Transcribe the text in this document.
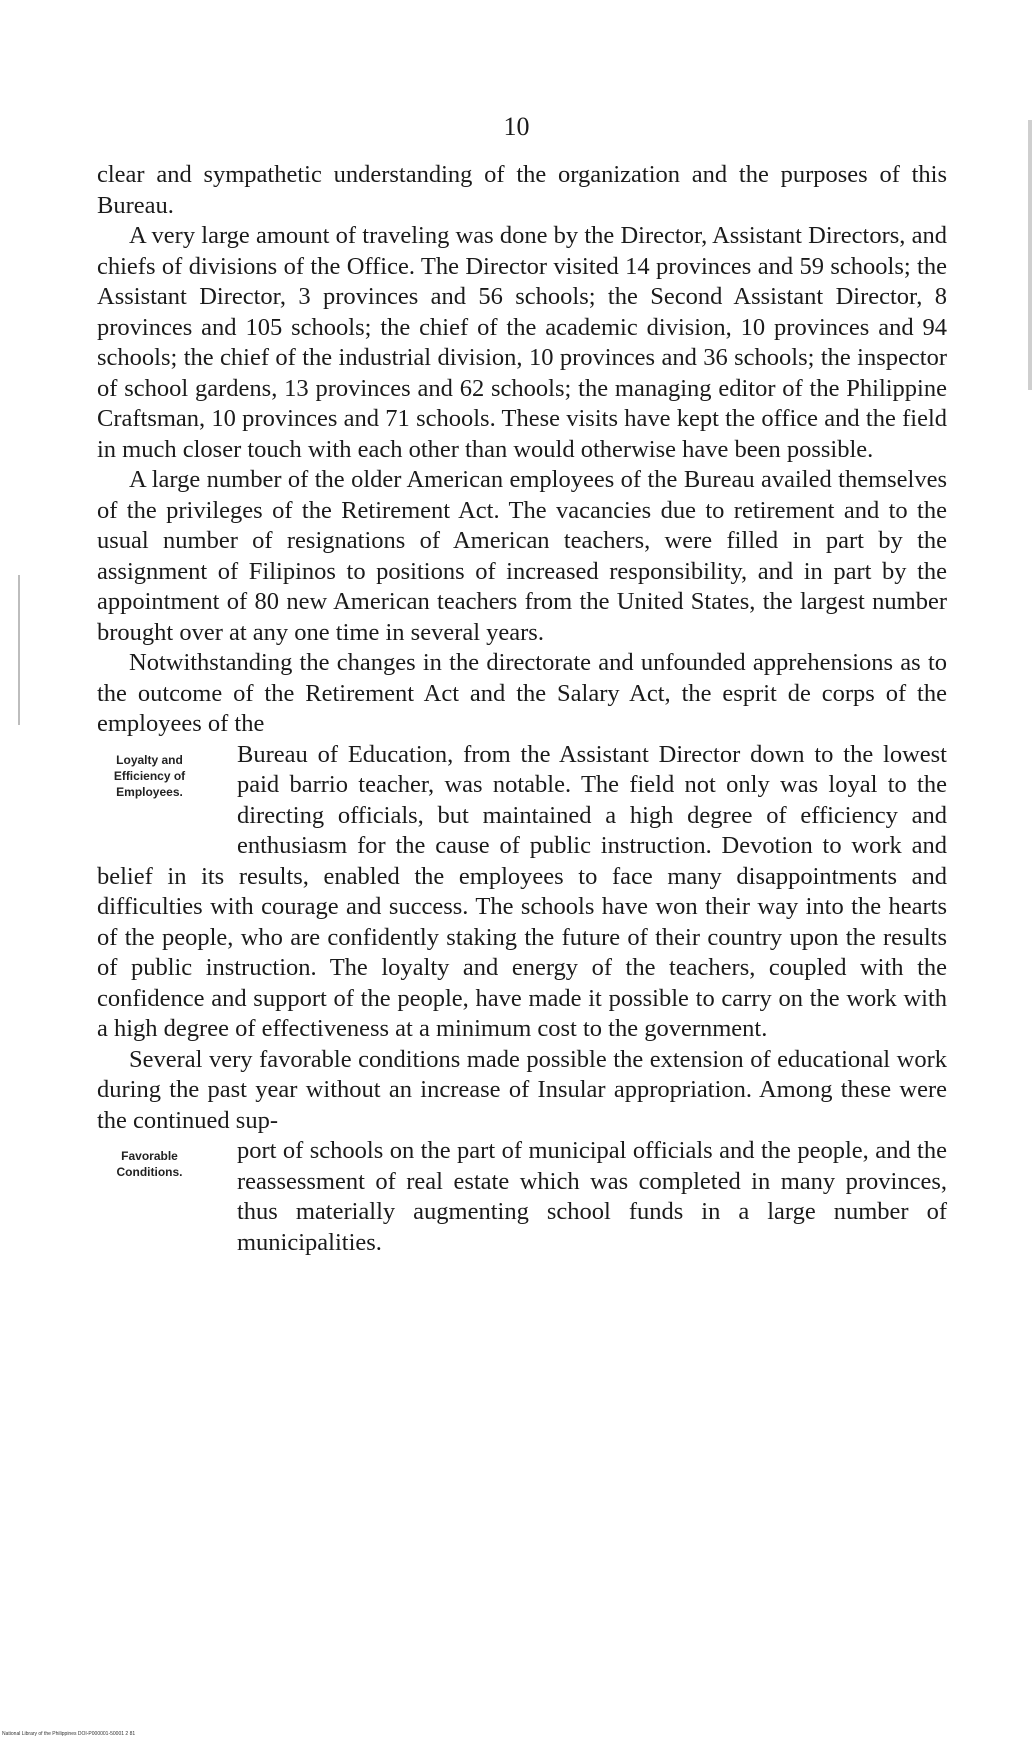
10

clear and sympathetic understanding of the organization and the purposes of this Bureau.

A very large amount of traveling was done by the Director, Assistant Directors, and chiefs of divisions of the Office. The Director visited 14 provinces and 59 schools; the Assistant Director, 3 provinces and 56 schools; the Second Assistant Director, 8 provinces and 105 schools; the chief of the academic division, 10 provinces and 94 schools; the chief of the industrial division, 10 provinces and 36 schools; the inspector of school gardens, 13 provinces and 62 schools; the managing editor of the Philippine Craftsman, 10 provinces and 71 schools. These visits have kept the office and the field in much closer touch with each other than would otherwise have been possible.

A large number of the older American employees of the Bureau availed themselves of the privileges of the Retirement Act. The vacancies due to retirement and to the usual number of resignations of American teachers, were filled in part by the assignment of Filipinos to positions of increased responsibility, and in part by the appointment of 80 new American teachers from the United States, the largest number brought over at any one time in several years.

Notwithstanding the changes in the directorate and unfounded apprehensions as to the outcome of the Retirement Act and the Salary Act, the esprit de corps of the employees of the

Loyalty and
Efficiency of
Employees.

Bureau of Education, from the Assistant Director down to the lowest paid barrio teacher, was notable. The field not only was loyal to the directing officials, but maintained a high degree of efficiency and enthusiasm for the cause of public instruction. Devotion to work and belief in its results, enabled the employees to face many disappointments and difficulties with courage and success. The schools have won their way into the hearts of the people, who are confidently staking the future of their country upon the results of public instruction. The loyalty and energy of the teachers, coupled with the confidence and support of the people, have made it possible to carry on the work with a high degree of effectiveness at a minimum cost to the government.

Several very favorable conditions made possible the extension of educational work during the past year without an increase of Insular appropriation. Among these were the continued sup-

Favorable
Conditions.

port of schools on the part of municipal officials and the people, and the reassessment of real estate which was completed in many provinces, thus materially augmenting school funds in a large number of municipalities.

National Library of the Philippines DOI-P000001-50001 2 81
